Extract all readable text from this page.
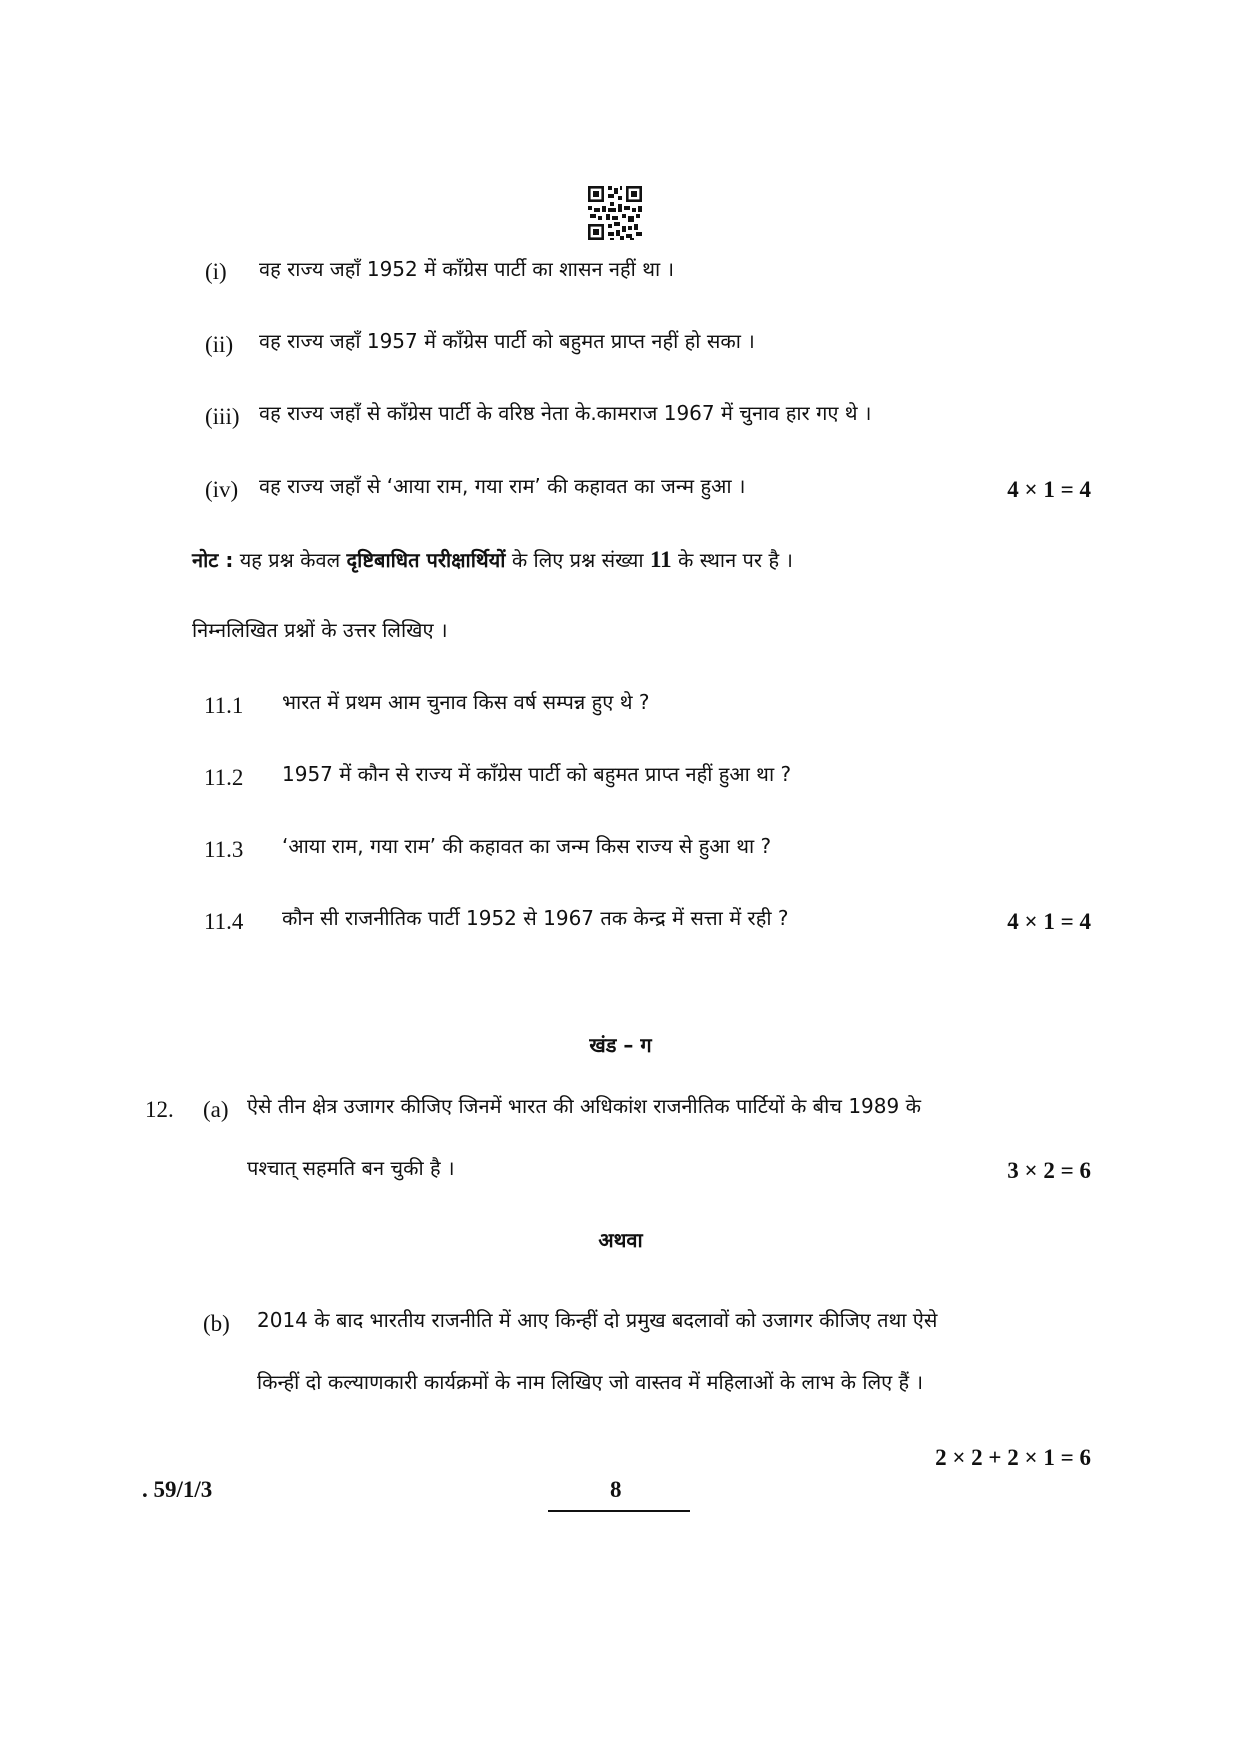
(i) वह राज्य जहाँ 1952 में काँग्रेस पार्टी का शासन नहीं था ।
(ii) वह राज्य जहाँ 1957 में काँग्रेस पार्टी को बहुमत प्राप्त नहीं हो सका ।
(iii) वह राज्य जहाँ से काँग्रेस पार्टी के वरिष्ठ नेता के.कामराज 1967 में चुनाव हार गए थे ।
(iv) वह राज्य जहाँ से ‘आया राम, गया राम’ की कहावत का जन्म हुआ ।	4 × 1 = 4
नोट : यह प्रश्न केवल दृष्टिबाधित परीक्षार्थियों के लिए प्रश्न संख्या 11 के स्थान पर है ।
निम्नलिखित प्रश्नों के उत्तर लिखिए ।
11.1 भारत में प्रथम आम चुनाव किस वर्ष सम्पन्न हुए थे ?
11.2 1957 में कौन से राज्य में काँग्रेस पार्टी को बहुमत प्राप्त नहीं हुआ था ?
11.3 ‘आया राम, गया राम’ की कहावत का जन्म किस राज्य से हुआ था ?
11.4 कौन सी राजनीतिक पार्टी 1952 से 1967 तक केन्द्र में सत्ता में रही ?	4 × 1 = 4
खंड – ग
12. (a) ऐसे तीन क्षेत्र उजागर कीजिए जिनमें भारत की अधिकांश राजनीतिक पार्टियों के बीच 1989 के
पश्चात् सहमति बन चुकी है ।	3 × 2 = 6
अथवा
(b) 2014 के बाद भारतीय राजनीति में आए किन्हीं दो प्रमुख बदलावों को उजागर कीजिए तथा ऐसे
किन्हीं दो कल्याणकारी कार्यक्रमों के नाम लिखिए जो वास्तव में महिलाओं के लाभ के लिए हैं ।
2 × 2 + 2 × 1 = 6
. 59/1/3	8
